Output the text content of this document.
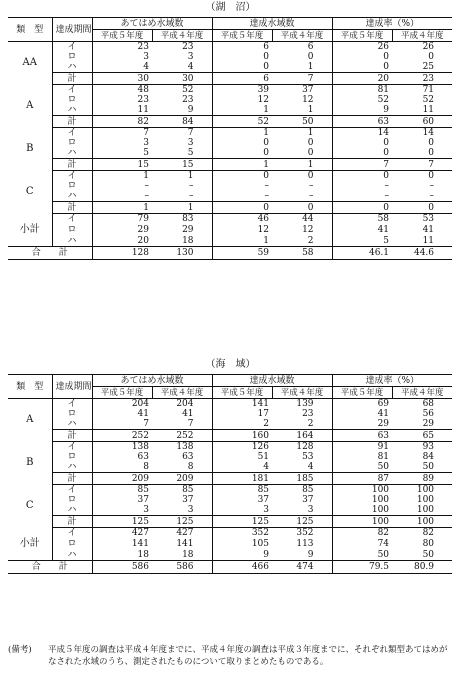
（湖　沼）
類　型	達成期間	あてはめ水域数		達成水域数		達成率（%）	
		平成５年度	平成４年度	平成５年度	平成４年度	平成５年度	平成４年度
AA	イ	23	23	6	6	26	26
	ロ	3	3	0	0	0	0
	ハ	4	4	0	1	0	25
	計	30	30	6	7	20	23
A	イ	48	52	39	37	81	71
	ロ	23	23	12	12	52	52
	ハ	11	9	1	1	9	11
	計	82	84	52	50	63	60
B	イ	7	7	1	1	14	14
	ロ	3	3	0	0	0	0
	ハ	5	5	0	0	0	0
	計	15	15	1	1	7	7
C	イ	1	1	0	0	0	0
	ロ	–	–	–	–	–	–
	ハ	–	–	–	–	–	–
	計	1	1	0	0	0	0
小計	イ	79	83	46	44	58	53
	ロ	29	29	12	12	41	41
	ハ	20	18	1	2	5	11
合　　計		128	130	59	58	46.1	44.6
（海　域）
類　型	達成期間	あてはめ水域数		達成水域数		達成率（%）	
		平成５年度	平成４年度	平成５年度	平成４年度	平成５年度	平成４年度
A	イ	204	204	141	139	69	68
	ロ	41	41	17	23	41	56
	ハ	7	7	2	2	29	29
	計	252	252	160	164	63	65
B	イ	138	138	126	128	91	93
	ロ	63	63	51	53	81	84
	ハ	8	8	4	4	50	50
	計	209	209	181	185	87	89
C	イ	85	85	85	85	100	100
	ロ	37	37	37	37	100	100
	ハ	3	3	3	3	100	100
	計	125	125	125	125	100	100
小計	イ	427	427	352	352	82	82
	ロ	141	141	105	113	74	80
	ハ	18	18	9	9	50	50
合　　計		586	586	466	474	79.5	80.9
(備考) 平成５年度の調査は平成４年度までに、平成４年度の調査は平成３年度までに、それぞれ類型あてはめがなされた水域のうち、測定されたものについて取りまとめたものである。
